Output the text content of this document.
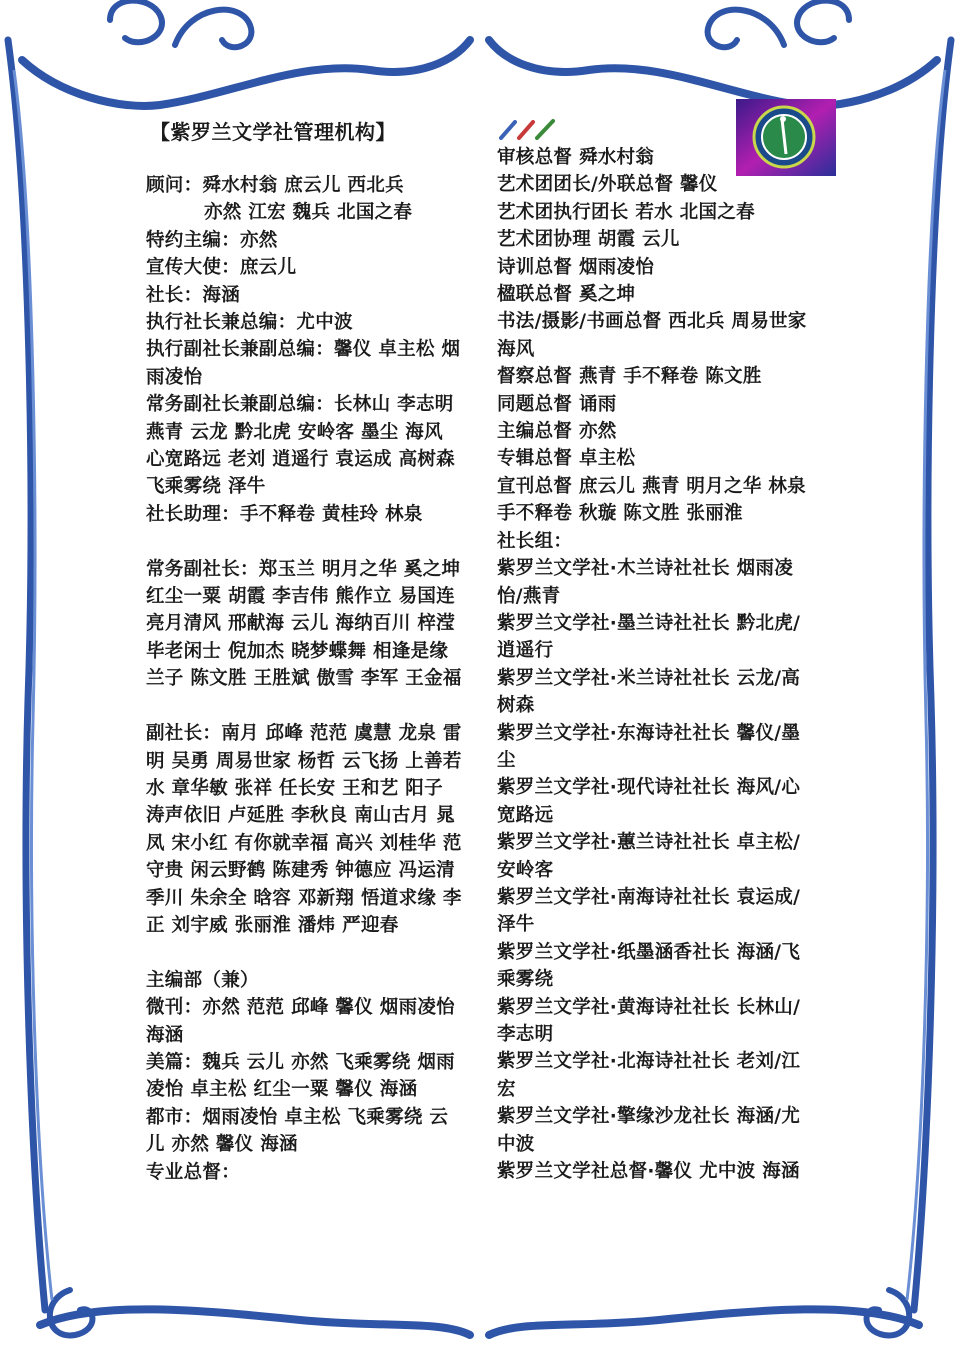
【紫罗兰文学社管理机构】
顾问：舜水村翁 庶云儿 西北兵
亦然 江宏 魏兵 北国之春
特约主编：亦然
宣传大使：庶云儿
社长：海涵
执行社长兼总编：尤中波
执行副社长兼副总编：馨仪 卓主松 烟雨凌怡
常务副社长兼副总编：长林山 李志明 燕青 云龙 黔北虎 安岭客 墨尘 海风 心宽路远 老刘 逍遥行 袁运成 高树森 飞乘雾绕 泽牛
社长助理：手不释卷 黄桂玲 林泉
常务副社长：郑玉兰 明月之华 奚之坤 红尘一粟 胡霞 李吉伟 熊作立 易国连 亮月清风 邢献海 云儿 海纳百川 梓滢 毕老闲士 倪加杰 晓梦蝶舞 相逢是缘 兰子 陈文胜 王胜斌 傲雪 李军 王金福
副社长：南月 邱峰 范范 虞慧 龙泉 雷明 吴勇 周易世家 杨哲 云飞扬 上善若水 章华敏 张祥 任长安 王和艺 阳子 涛声依旧 卢延胜 李秋良 南山古月 晁凤 宋小红 有你就幸福 高兴 刘桂华 范守贵 闲云野鹤 陈建秀 钟德应 冯运清 季川 朱余全 晗容 邓新翔 悟道求缘 李正 刘宇威 张丽淮 潘炜 严迎春
主编部（兼）
微刊：亦然 范范 邱峰 馨仪 烟雨凌怡 海涵
美篇：魏兵 云儿 亦然 飞乘雾绕 烟雨凌怡 卓主松 红尘一粟 馨仪 海涵
都市：烟雨凌怡 卓主松 飞乘雾绕 云儿 亦然 馨仪 海涵
专业总督：
审核总督 舜水村翁
艺术团团长/外联总督 馨仪
艺术团执行团长 若水 北国之春
艺术团协理 胡霞 云儿
诗训总督 烟雨凌怡
楹联总督 奚之坤
书法/摄影/书画总督 西北兵 周易世家 海风
督察总督 燕青 手不释卷 陈文胜
同题总督 诵雨
主编总督 亦然
专辑总督 卓主松
宣刊总督 庶云儿 燕青 明月之华 林泉 手不释卷 秋璇 陈文胜 张丽淮
社长组：
紫罗兰文学社·木兰诗社社长 烟雨凌怡/燕青
紫罗兰文学社·墨兰诗社社长 黔北虎/逍遥行
紫罗兰文学社·米兰诗社社长 云龙/高树森
紫罗兰文学社·东海诗社社长 馨仪/墨尘
紫罗兰文学社·现代诗社社长 海风/心宽路远
紫罗兰文学社·蕙兰诗社社长 卓主松/安岭客
紫罗兰文学社·南海诗社社长 袁运成/泽牛
紫罗兰文学社·纸墨涵香社长 海涵/飞乘雾绕
紫罗兰文学社·黄海诗社社长 长林山/李志明
紫罗兰文学社·北海诗社社长 老刘/江宏
紫罗兰文学社·擎缘沙龙社长 海涵/尤中波
紫罗兰文学社总督·馨仪 尤中波 海涵
